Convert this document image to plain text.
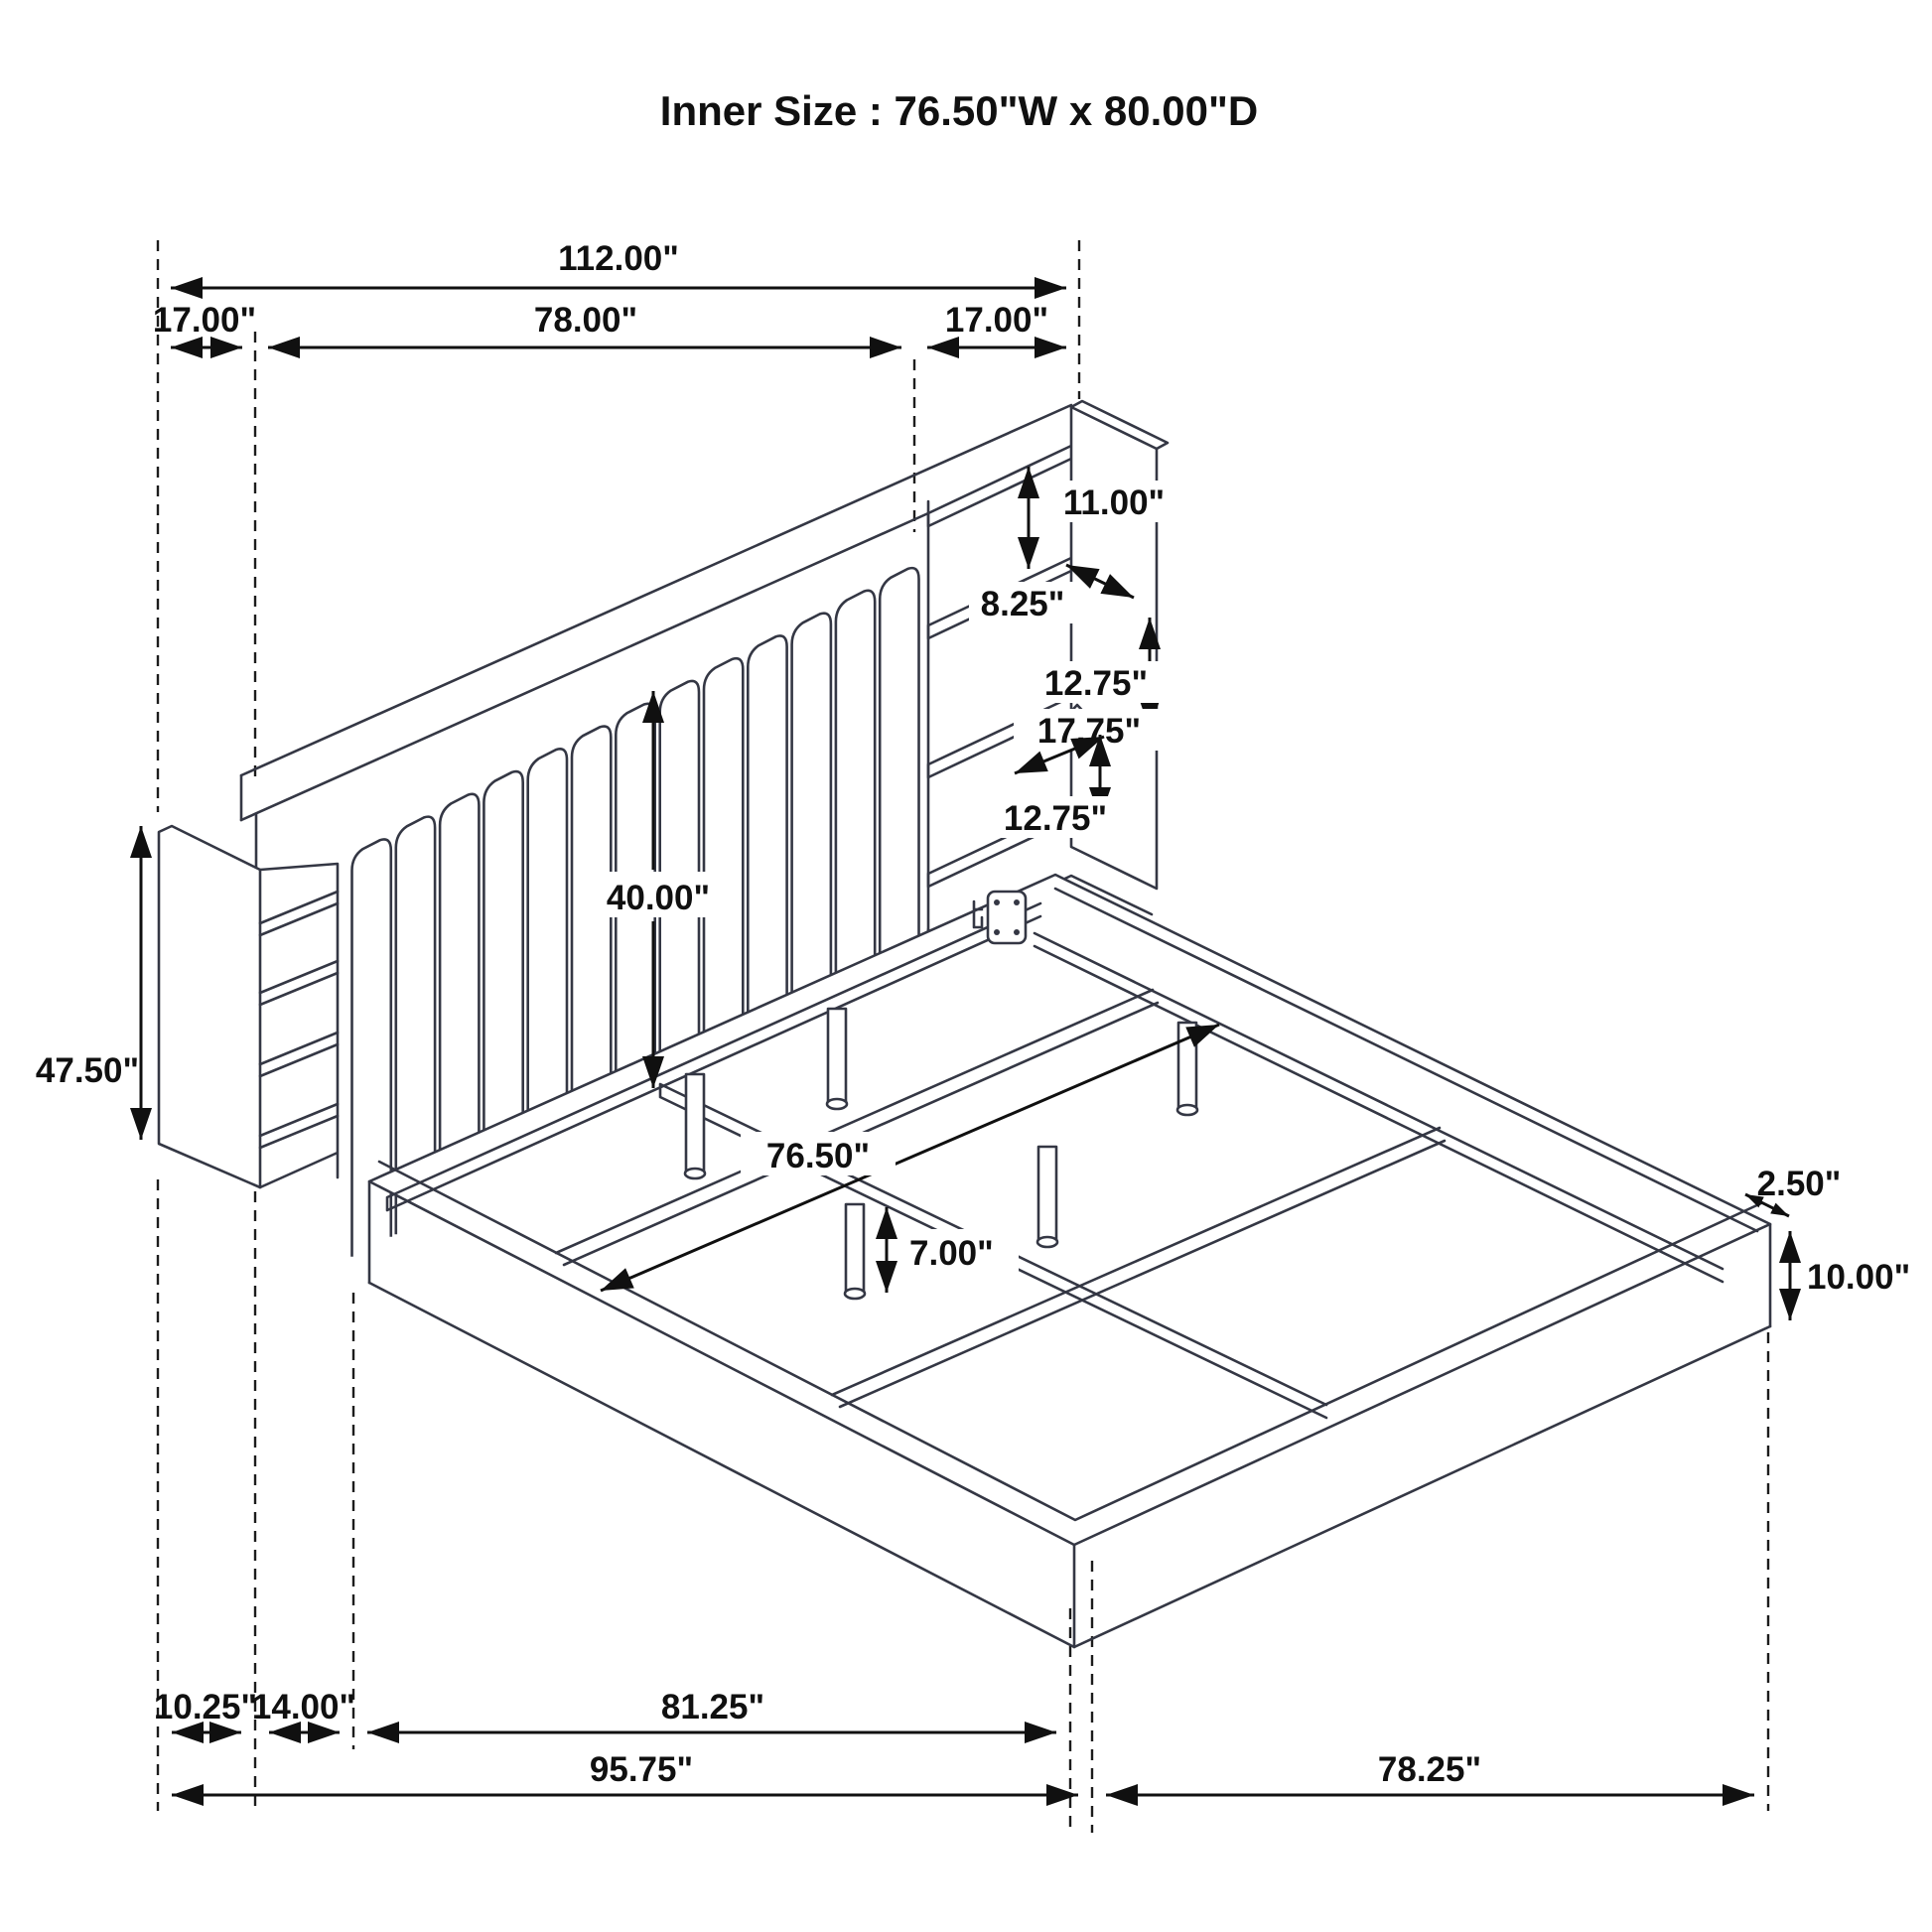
Inner Size : 76.50"W x 80.00"D
112.00"
17.00"	78.00"	17.00"
11.00"
8.25"
12.75"
17.75"
12.75"
40.00"
47.50"
76.50"
7.00"
2.50"
10.00"
10.25"
14.00"	81.25"
95.75"	78.25"
